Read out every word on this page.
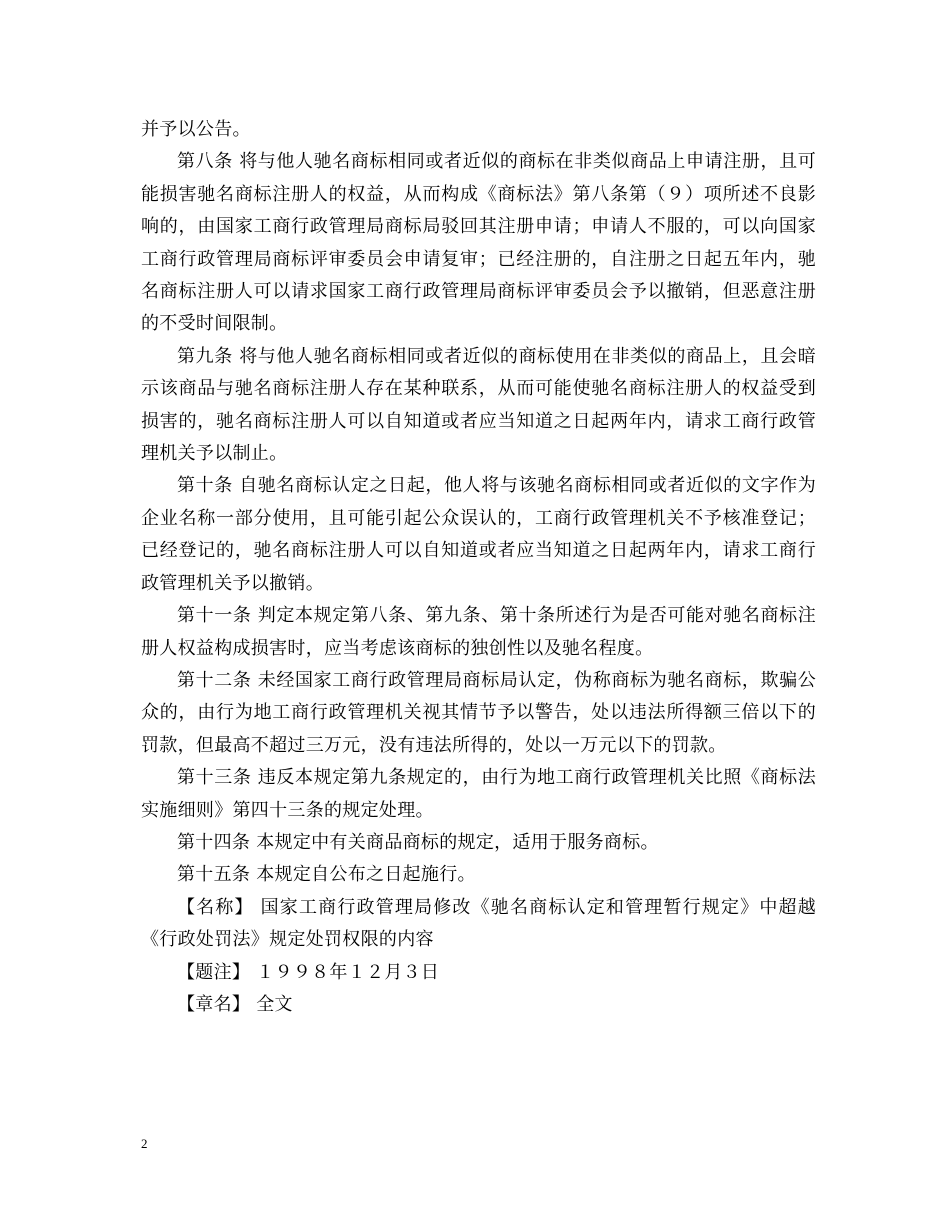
并予以公告。

第八条 将与他人驰名商标相同或者近似的商标在非类似商品上申请注册，且可能损害驰名商标注册人的权益，从而构成《商标法》第八条第（９）项所述不良影响的，由国家工商行政管理局商标局驳回其注册申请；申请人不服的，可以向国家工商行政管理局商标评审委员会申请复审；已经注册的，自注册之日起五年内，驰名商标注册人可以请求国家工商行政管理局商标评审委员会予以撤销，但恶意注册的不受时间限制。

第九条 将与他人驰名商标相同或者近似的商标使用在非类似的商品上，且会暗示该商品与驰名商标注册人存在某种联系，从而可能使驰名商标注册人的权益受到损害的，驰名商标注册人可以自知道或者应当知道之日起两年内，请求工商行政管理机关予以制止。

第十条 自驰名商标认定之日起，他人将与该驰名商标相同或者近似的文字作为企业名称一部分使用，且可能引起公众误认的，工商行政管理机关不予核准登记；已经登记的，驰名商标注册人可以自知道或者应当知道之日起两年内，请求工商行政管理机关予以撤销。

第十一条 判定本规定第八条、第九条、第十条所述行为是否可能对驰名商标注册人权益构成损害时，应当考虑该商标的独创性以及驰名程度。

第十二条 未经国家工商行政管理局商标局认定，伪称商标为驰名商标，欺骗公众的，由行为地工商行政管理机关视其情节予以警告，处以违法所得额三倍以下的罚款，但最高不超过三万元，没有违法所得的，处以一万元以下的罚款。

第十三条 违反本规定第九条规定的，由行为地工商行政管理机关比照《商标法实施细则》第四十三条的规定处理。

第十四条 本规定中有关商品商标的规定，适用于服务商标。

第十五条 本规定自公布之日起施行。

【名称】 国家工商行政管理局修改《驰名商标认定和管理暂行规定》中超越《行政处罚法》规定处罚权限的内容

【题注】 １９９８年１２月３日

【章名】 全文

2
